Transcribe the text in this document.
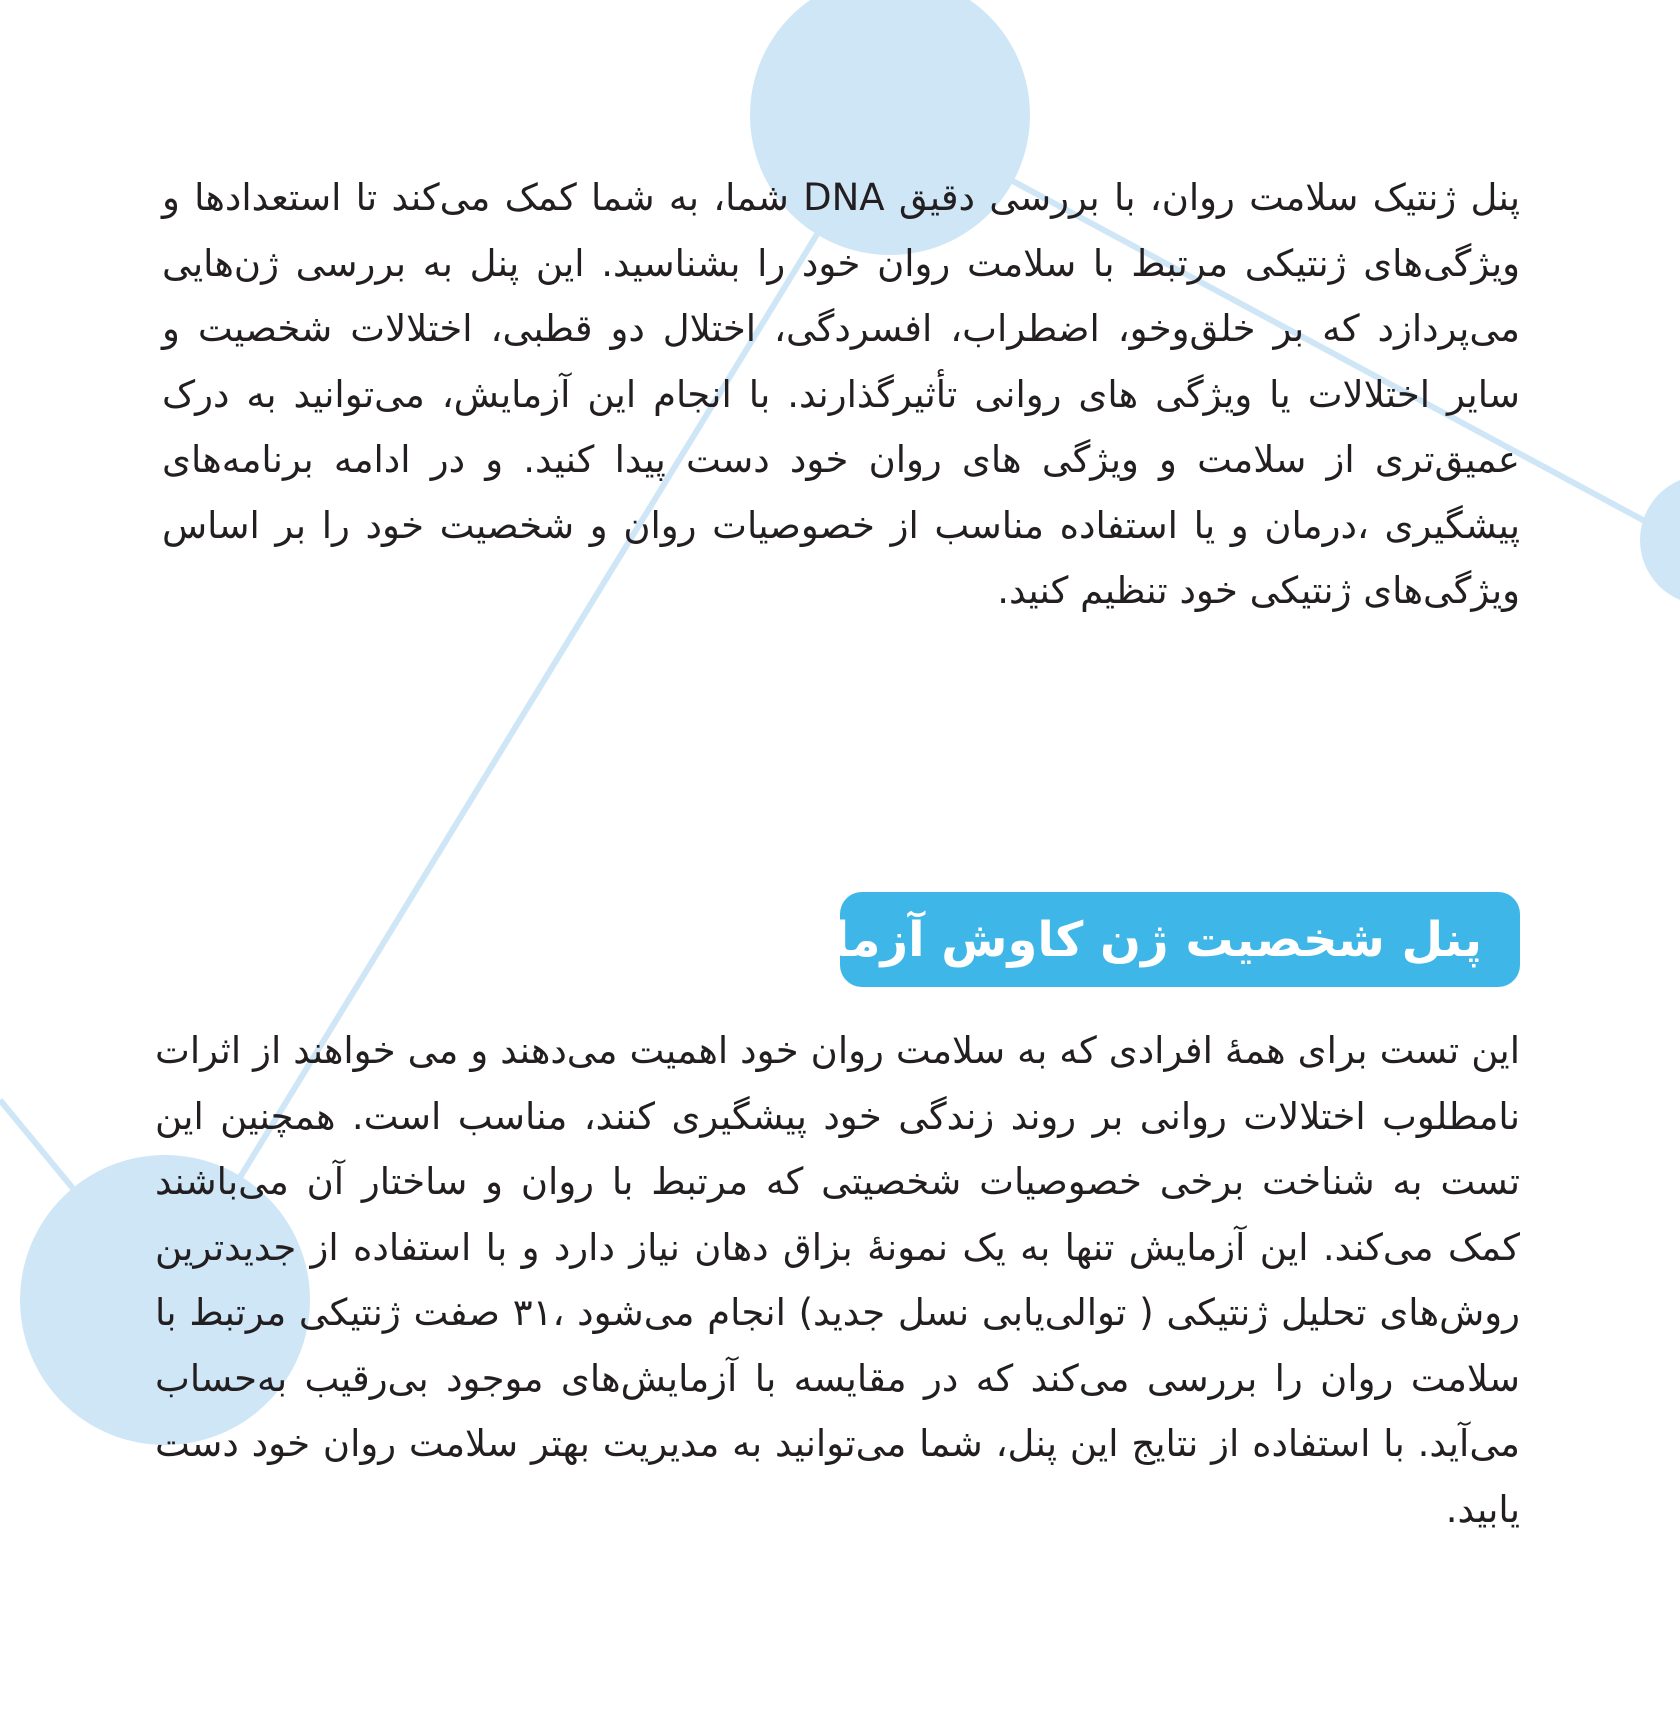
پنل ژنتیک سلامت روان، با بررسی دقیق DNA شما، به شما کمک می‌کند تا استعدادها و ویژگی‌های ژنتیکی مرتبط با سلامت روان خود را بشناسید. این پنل به بررسی ژن‌هایی می‌پردازد که بر خلق‌وخو، اضطراب، افسردگی، اختلال دو قطبی، اختلالات شخصیت و سایر اختلالات یا ویژگی های روانی تأثیرگذارند. با انجام این آزمایش، می‌توانید به درک عمیق‌تری از سلامت و ویژگی های روان خود دست پیدا کنید. و در ادامه برنامه‌های پیشگیری ،درمان و یا استفاده مناسب از خصوصیات روان و شخصیت خود را بر اساس ویژگی‌های ژنتیکی خود تنظیم کنید.

پنل شخصیت ژن کاوش آزما

این تست برای همهٔ افرادی که به سلامت روان خود اهمیت می‌دهند و می خواهند از اثرات نامطلوب اختلالات روانی بر روند زندگی خود پیشگیری کنند، مناسب است. همچنین این تست به شناخت برخی خصوصیات شخصیتی که مرتبط با روان و ساختار آن می‌باشند کمک می‌کند. این آزمایش تنها به یک نمونهٔ بزاق دهان نیاز دارد و با استفاده از جدیدترین روش‌های تحلیل ژنتیکی ( توالی‌یابی نسل جدید) انجام می‌شود ،۳۱ صفت ژنتیکی مرتبط با سلامت روان را بررسی می‌کند که در مقایسه با آزمایش‌های موجود بی‌رقیب به‌حساب می‌آید. با استفاده از نتایج این پنل، شما می‌توانید به مدیریت بهتر سلامت روان خود دست یابید.
